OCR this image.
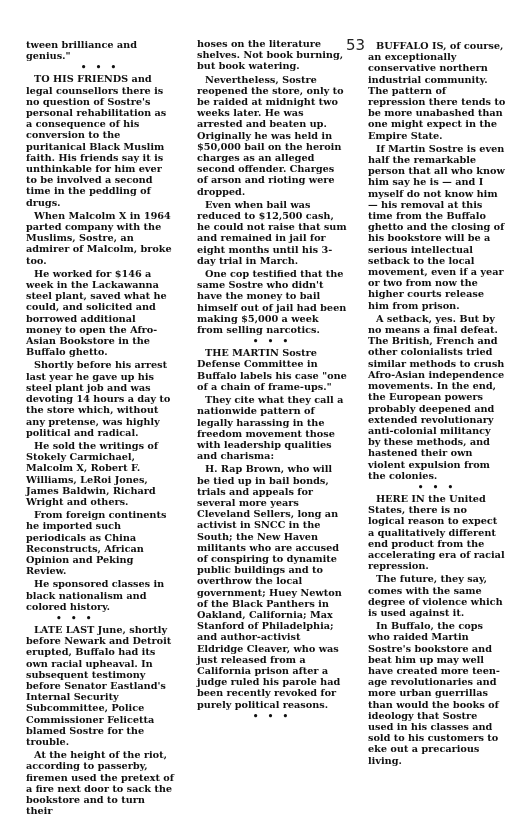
53

tween brilliance and genius."

• • •

TO HIS FRIENDS and legal counsellors there is no question of Sostre's personal rehabilitation as a consequence of his conversion to the puritanical Black Muslim faith. His friends say it is unthinkable for him ever to be involved a second time in the peddling of drugs.

When Malcolm X in 1964 parted company with the Muslims, Sostre, an admirer of Malcolm, broke too.

He worked for $146 a week in the Lackawanna steel plant, saved what he could, and solicited and borrowed additional money to open the Afro-Asian Bookstore in the Buffalo ghetto.

Shortly before his arrest last year he gave up his steel plant job and was devoting 14 hours a day to the store which, without any pretense, was highly political and radical.

He sold the writings of Stokely Carmichael, Malcolm X, Robert F. Williams, LeRoi Jones, James Baldwin, Richard Wright and others.

From foreign continents he imported such periodicals as China Reconstructs, African Opinion and Peking Review.

He sponsored classes in black nationalism and colored history.

• • •

LATE LAST June, shortly before Newark and Detroit erupted, Buffalo had its own racial upheaval. In subsequent testimony before Senator Eastland's Internal Security Subcommittee, Police Commissioner Felicetta blamed Sostre for the trouble.

At the height of the riot, according to passerby, firemen used the pretext of a fire next door to sack the bookstore and to turn their

hoses on the literature shelves. Not book burning, but book watering.

Nevertheless, Sostre reopened the store, only to be raided at midnight two weeks later. He was arrested and beaten up. Originally he was held in $50,000 bail on the heroin charges as an alleged second offender. Charges of arson and rioting were dropped.

Even when bail was reduced to $12,500 cash, he could not raise that sum and remained in jail for eight months until his 3-day trial in March.

One cop testified that the same Sostre who didn't have the money to bail himself out of jail had been making $5,000 a week from selling narcotics.

• • •

THE MARTIN Sostre Defense Committee in Buffalo labels his case "one of a chain of frame-ups."

They cite what they call a nationwide pattern of legally harassing in the freedom movement those with leadership qualities and charisma:

H. Rap Brown, who will be tied up in bail bonds, trials and appeals for several more years Cleveland Sellers, long an activist in SNCC in the South; the New Haven militants who are accused of conspiring to dynamite public buildings and to overthrow the local government; Huey Newton of the Black Panthers in Oakland, California; Max Stanford of Philadelphia; and author-activist Eldridge Cleaver, who was just released from a California prison after a judge ruled his parole had been recently revoked for purely political reasons.

• • •

BUFFALO IS, of course, an exceptionally conservative northern industrial community. The pattern of repression there tends to be more unabashed than one might expect in the Empire State.

If Martin Sostre is even half the remarkable person that all who know him say he is — and I myself do not know him — his removal at this time from the Buffalo ghetto and the closing of his bookstore will be a serious intellectual setback to the local movement, even if a year or two from now the higher courts release him from prison.

A setback, yes. But by no means a final defeat. The British, French and other colonialists tried similar methods to crush Afro-Asian independence movements. In the end, the European powers probably deepened and extended revolutionary anti-colonial militancy by these methods, and hastened their own violent expulsion from the colonies.

• • •

HERE IN the United States, there is no logical reason to expect a qualitatively different end product from the accelerating era of racial repression.

The future, they say, comes with the same degree of violence which is used against it.

In Buffalo, the cops who raided Martin Sostre's bookstore and beat him up may well have created more teen-age revolutionaries and more urban guerrillas than would the books of ideology that Sostre used in his classes and sold to his customers to eke out a precarious living.
